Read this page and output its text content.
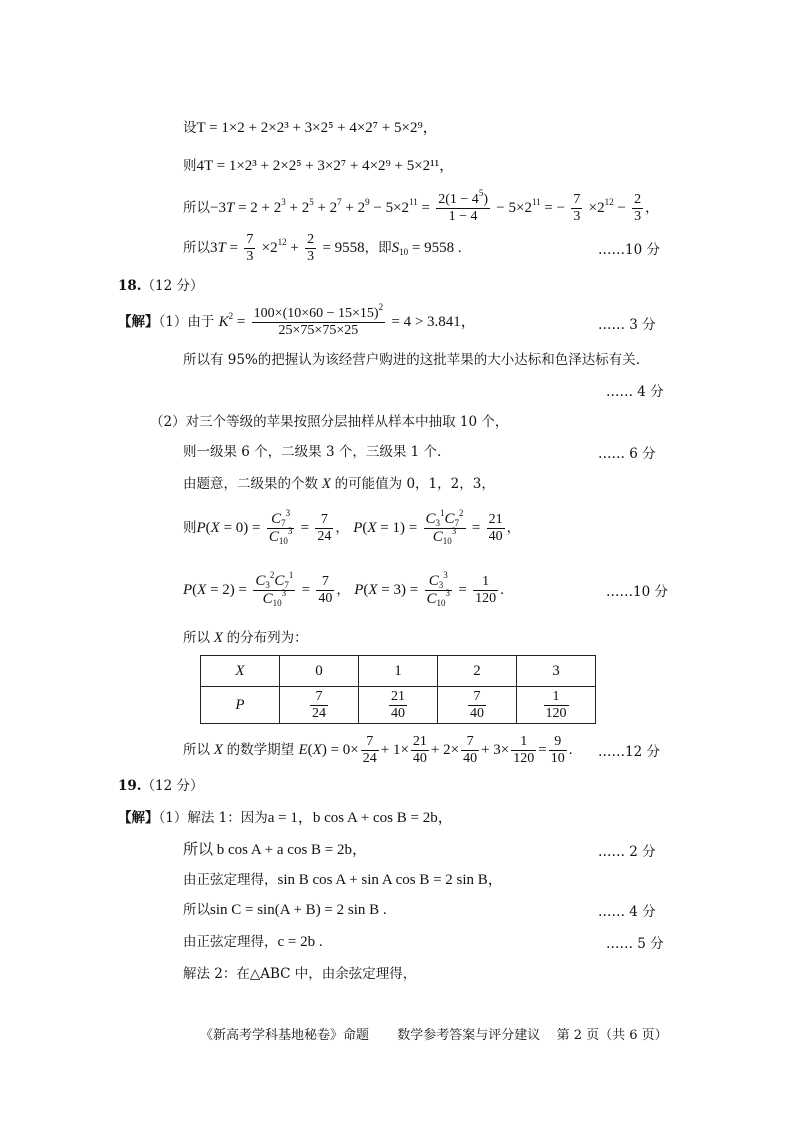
设T = 1×2 + 2×2³ + 3×2⁵ + 4×2⁷ + 5×2⁹，
则4T = 1×2³ + 2×2⁵ + 3×2⁷ + 4×2⁹ + 5×2¹¹，
所以$-3T = 2 + 2^3 + 2^5 + 2^7 + 2^9 - 5\times 2^{11} = \frac{2(1 - 4^5)}{1 - 4} - 5\times 2^{11}$ = − $\frac{7}{3} \times 2^{12} - \frac{2}{3}$ ，
所以$3T = \frac{7}{3} \times 2^{12} + \frac{2}{3} = 9558$，即$S_{10} = 9558$ .	……10 分
18.（12 分）
【解】（1）由于 $K^2 = \frac{100\times(10\times 60 - 15\times 15)^2}{25\times 75\times 75\times 25} = 4 > 3.841$，	…… 3 分
所以有 95%的把握认为该经营户购进的这批苹果的大小达标和色泽达标有关.
…… 4 分
（2）对三个等级的苹果按照分层抽样从样本中抽取 10 个，
则一级果 6 个，二级果 3 个，三级果 1 个.	…… 6 分
由题意，二级果的个数 X 的可能值为 0，1，2，3，
则$P(X = 0) = \frac{C_7^3}{C_{10}^3} = \frac{7}{24}$ ， $P(X = 1) = \frac{C_3^1C_7^2}{C_{10}^3} = \frac{21}{40}$ ，
$P(X = 2) = \frac{C_3^2C_7^1}{C_{10}^3} = \frac{7}{40}$ ， $P(X = 3) = \frac{C_3^3}{C_{10}^3} = \frac{1}{120}$ .	……10 分
所以 X 的分布列为：
X	0	1	2	3
P	$\frac{7}{24}$	$\frac{21}{40}$	$\frac{7}{40}$	$\frac{1}{120}$
所以 X 的数学期望 $E(X) = 0\times \frac{7}{24} + 1\times \frac{21}{40} + 2\times \frac{7}{40} + 3\times \frac{1}{120} = \frac{9}{10}$ . ……12 分
19.（12 分）
【解】（1）解法 1：因为a = 1，b cos A + cos B = 2b，
所以 b cos A + a cos B = 2b，	…… 2 分
由正弦定理得，sin B cos A + sin A cos B = 2 sin B，
所以sin C = sin(A + B) = 2 sin B .	…… 4 分
由正弦定理得，c = 2b .	…… 5 分
解法 2：在△ABC 中，由余弦定理得，
《新高考学科基地秘卷》命题 数学参考答案与评分建议 第 2 页（共 6 页）
